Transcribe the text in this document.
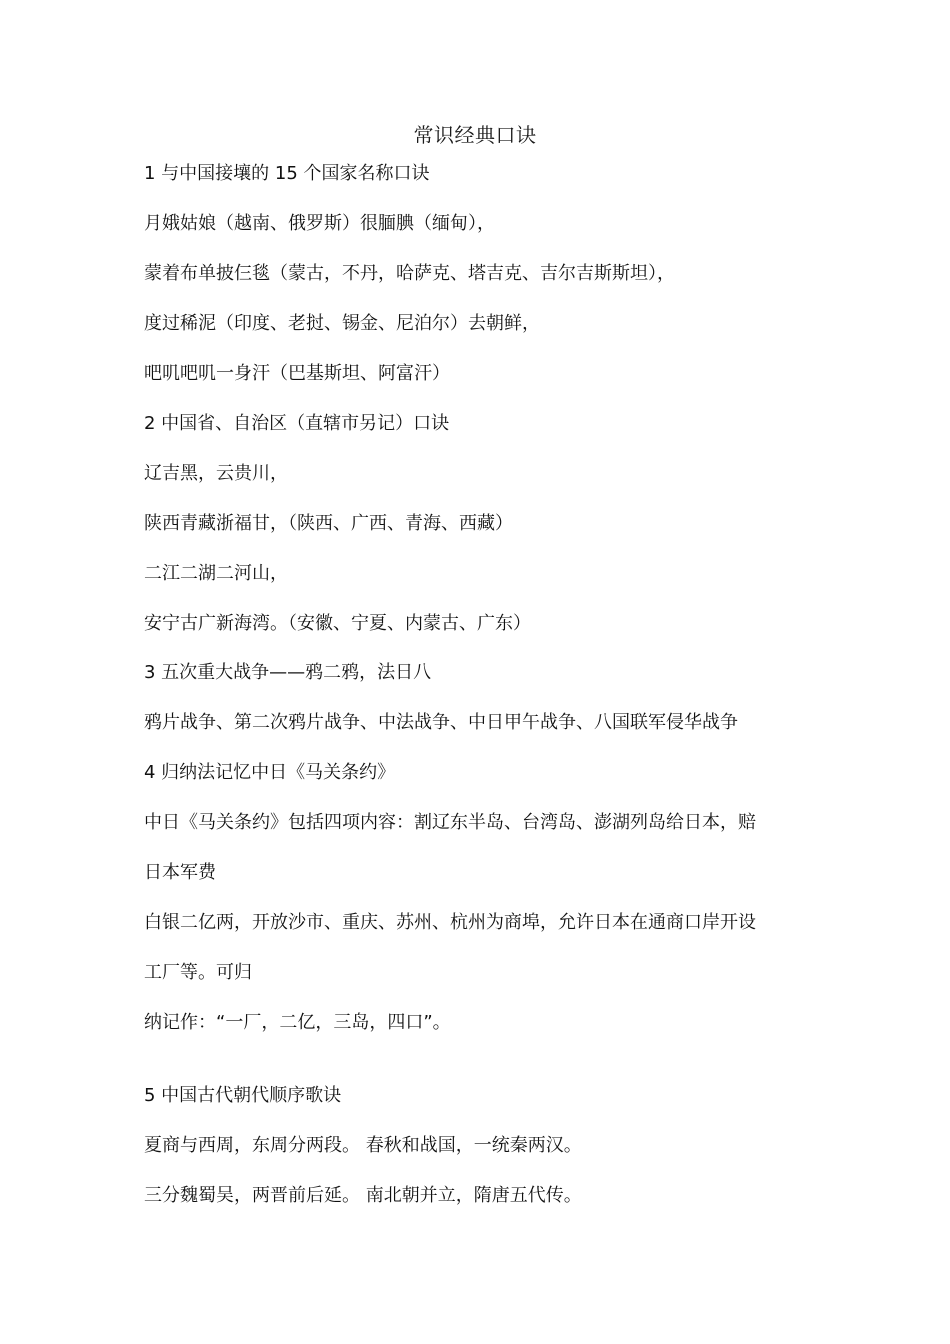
常识经典口诀
1 与中国接壤的 15 个国家名称口诀
月娥姑娘（越南、俄罗斯）很腼腆（缅甸），
蒙着布单披仨毯（蒙古，不丹，哈萨克、塔吉克、吉尔吉斯斯坦），
度过稀泥（印度、老挝、锡金、尼泊尔）去朝鲜，
吧叽吧叽一身汗（巴基斯坦、阿富汗）
2 中国省、自治区（直辖市另记）口诀
辽吉黑，云贵川，
陕西青藏浙福甘，（陕西、广西、青海、西藏）
二江二湖二河山，
安宁古广新海湾。（安徽、宁夏、内蒙古、广东）
3 五次重大战争——鸦二鸦，法日八
鸦片战争、第二次鸦片战争、中法战争、中日甲午战争、八国联军侵华战争
4 归纳法记忆中日《马关条约》
中日《马关条约》包括四项内容：割辽东半岛、台湾岛、澎湖列岛给日本，赔
日本军费
白银二亿两，开放沙市、重庆、苏州、杭州为商埠，允许日本在通商口岸开设
工厂等。可归
纳记作：“一厂，二亿，三岛，四口”。
5 中国古代朝代顺序歌诀
夏商与西周，东周分两段。 春秋和战国，一统秦两汉。
三分魏蜀吴，两晋前后延。 南北朝并立，隋唐五代传。
